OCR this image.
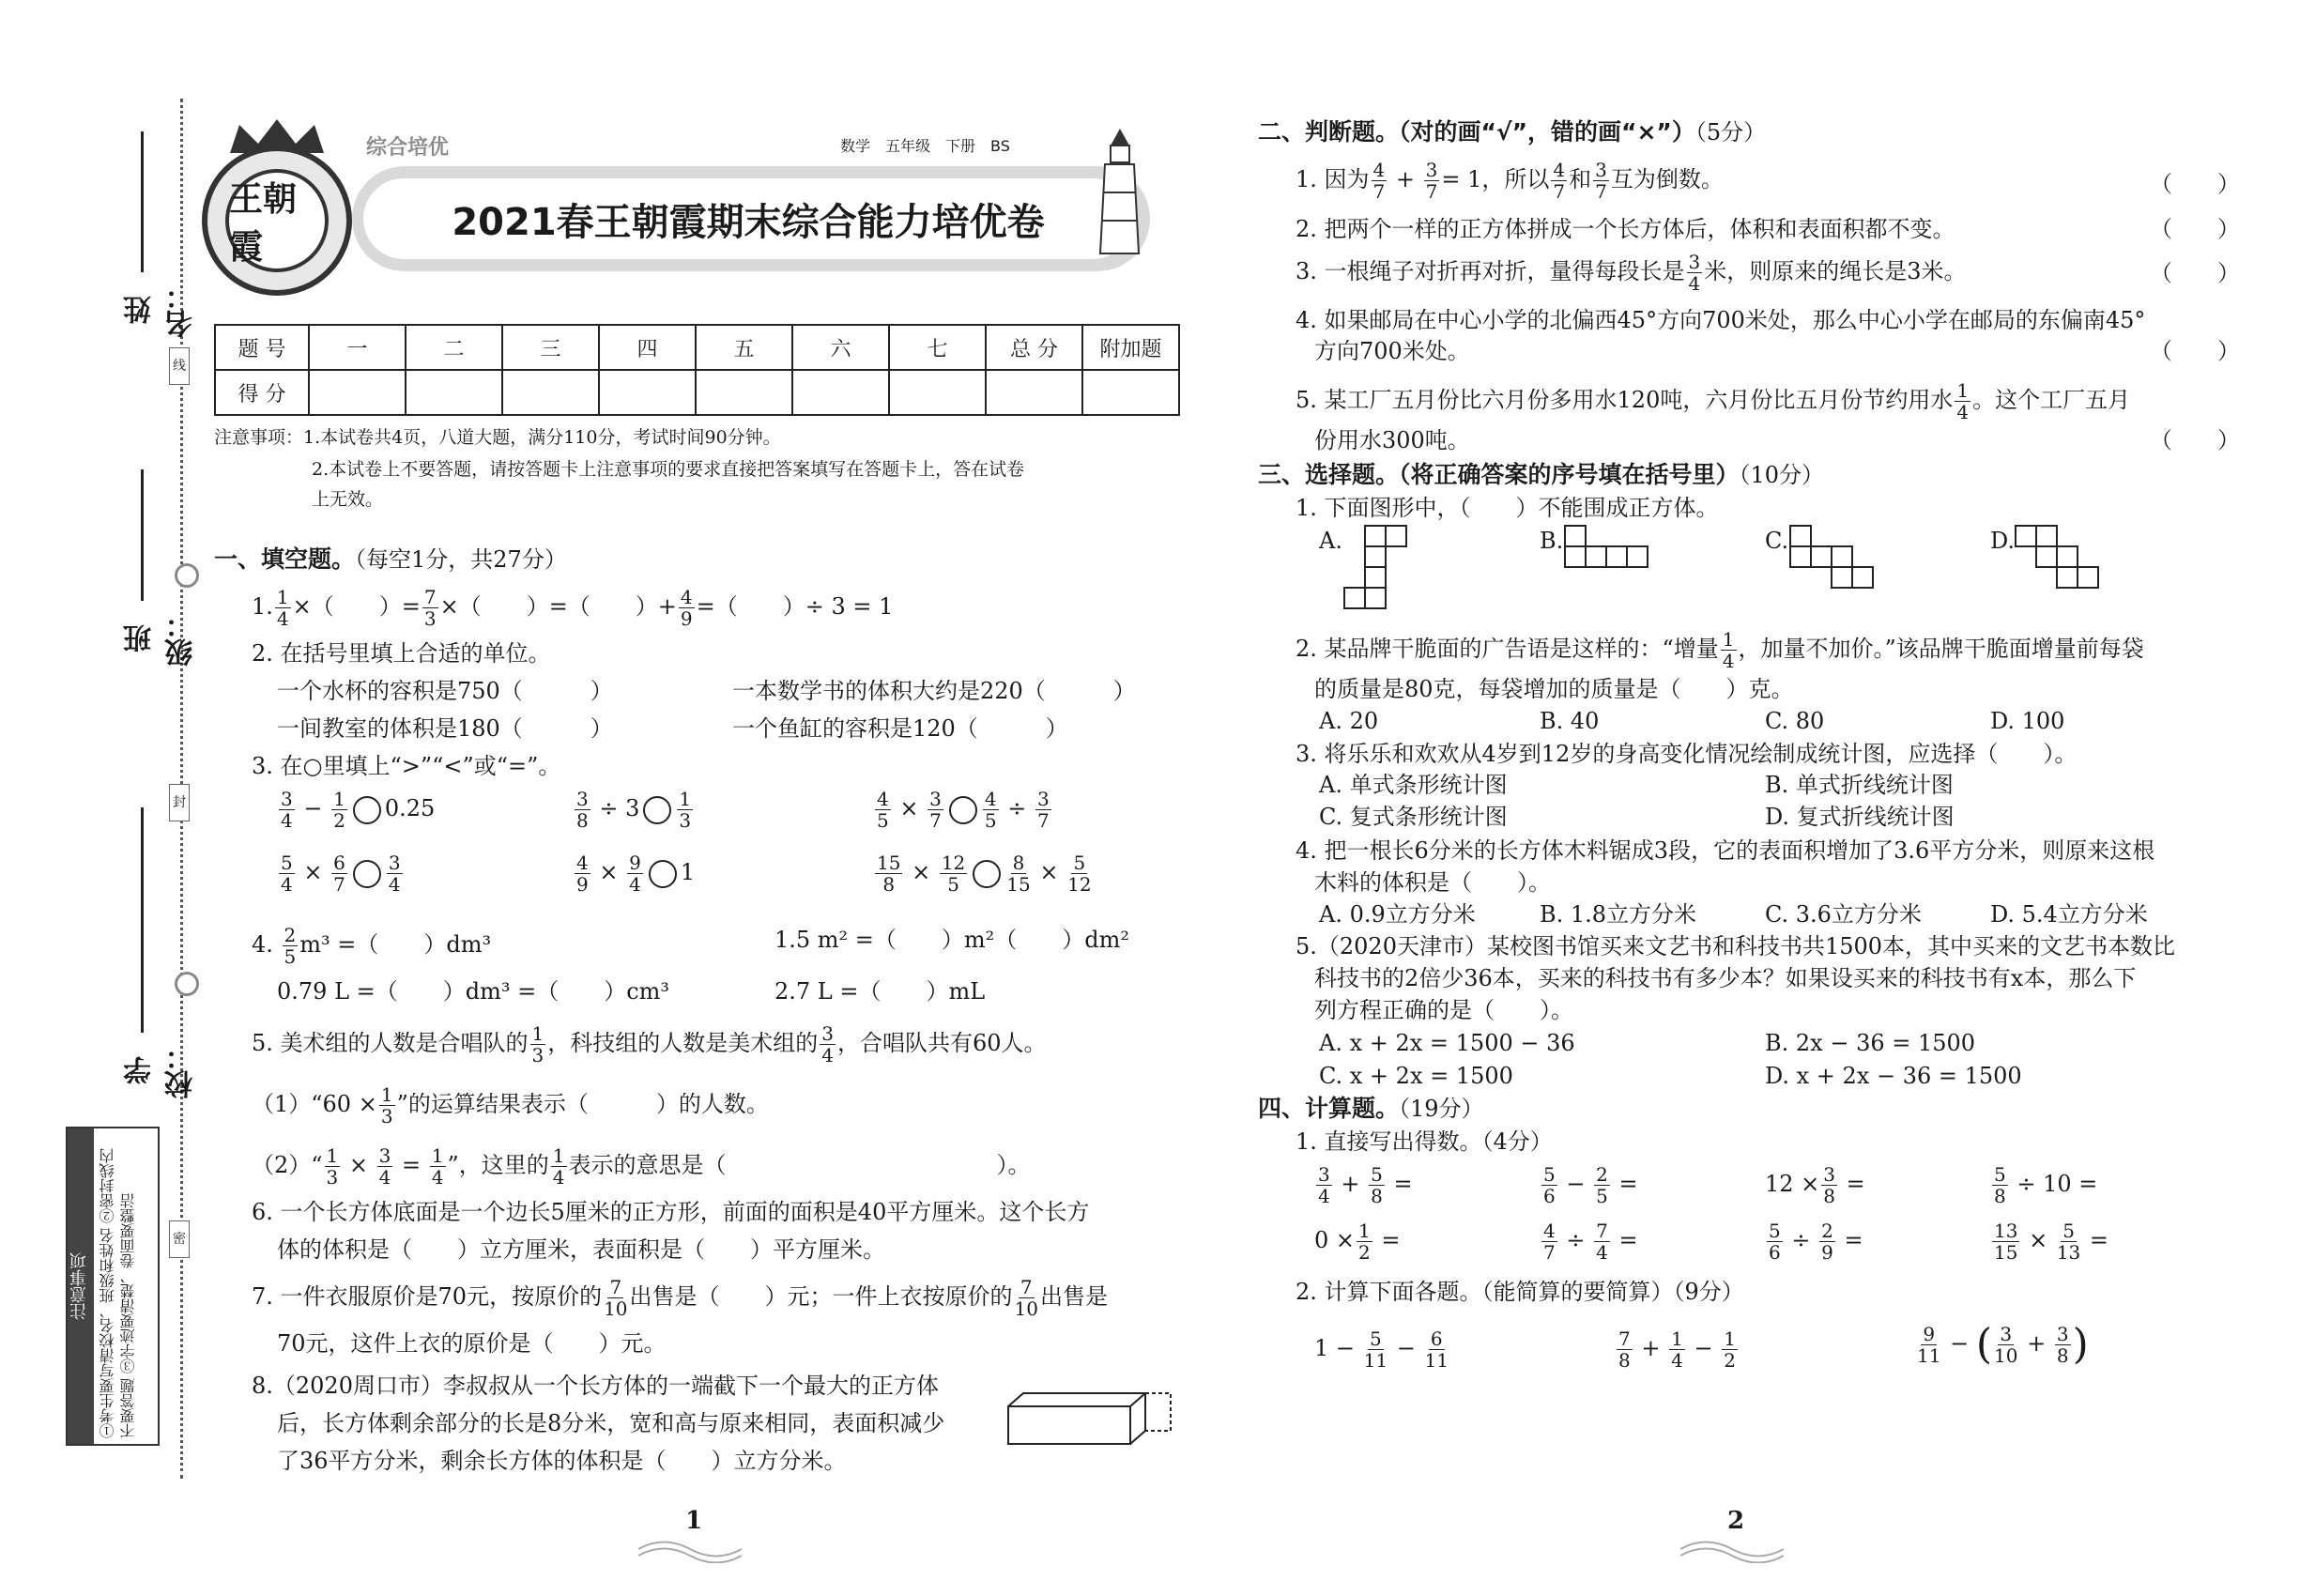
姓 名：
班 级：
学 校：
线
封
密
注意事项 ①考生要写清校名、班级和姓名 ②密封线内不要答题 ③字迹要清楚、卷面要整洁
王朝霞
综合培优	数学　五年级　下册　BS
2021春王朝霞期末综合能力培优卷
题 号	一	二	三	四	五	六	七	总 分	附加题
得 分									
注意事项：1.本试卷共4页，八道大题，满分110分，考试时间90分钟。
2.本试卷上不要答题，请按答题卡上注意事项的要求直接把答案填写在答题卡上，答在试卷
上无效。
一、填空题。（每空1分，共27分）
1. $\frac{1}{4}$ ×（　　）= $\frac{7}{3}$ ×（　　）=（　　）+ $\frac{4}{9}$ =（　　）÷ 3 = 1
2. 在括号里填上合适的单位。
一个水杯的容积是750（　　　）	一本数学书的体积大约是220（　　　）
一间教室的体积是180（　　　）	一个鱼缸的容积是120（　　　）
3. 在○里填上“>”“<”或“=”。
$\frac{3}{4} - \frac{1}{2} 0.25$	$\frac{3}{8} \div 3 \frac{1}{3}$	$\frac{4}{5} \times \frac{3}{7} \frac{4}{5} \div \frac{3}{7}$
$\frac{5}{4} \times \frac{6}{7} \frac{3}{4}$	$\frac{4}{9} \times \frac{9}{4} 1$	$\frac{15}{8} \times \frac{12}{5} \frac{8}{15} \times \frac{5}{12}$
4. $\frac{2}{5} m^3$ =（　　）dm³	1.5 m² =（　　）m²（　　）dm²
0.79 L =（　　）dm³ =（　　）cm³	2.7 L =（　　）mL
5. 美术组的人数是合唱队的 $\frac{1}{3}$ ，科技组的人数是美术组的 $\frac{3}{4}$ ，合唱队共有60人。
（1）“60 × $\frac{1}{3}$ ”的运算结果表示（　　　）的人数。
（2）“ $\frac{1}{3} \times \frac{3}{4} = \frac{1}{4}$ ”，这里的 $\frac{1}{4}$ 表示的意思是（　　　　　　　　　　　　）。
6. 一个长方体底面是一个边长5厘米的正方形，前面的面积是40平方厘米。这个长方
体的体积是（　　）立方厘米，表面积是（　　）平方厘米。
7. 一件衣服原价是70元，按原价的 $\frac{7}{10}$ 出售是（　　）元；一件上衣按原价的 $\frac{7}{10}$ 出售是
70元，这件上衣的原价是（　　）元。
8.（2020周口市）李叔叔从一个长方体的一端截下一个最大的正方体
后，长方体剩余部分的长是8分米，宽和高与原来相同，表面积减少
了36平方分米，剩余长方体的体积是（　　）立方分米。
1
二、判断题。（对的画“√”，错的画“×”）（5分）
1. 因为 $\frac{4}{7} + \frac{3}{7} = 1$，所以 $\frac{4}{7}$ 和 $\frac{3}{7}$ 互为倒数。	（　　）
2. 把两个一样的正方体拼成一个长方体后，体积和表面积都不变。	（　　）
3. 一根绳子对折再对折，量得每段长是 $\frac{3}{4}$ 米，则原来的绳长是3米。	（　　）
4. 如果邮局在中心小学的北偏西45°方向700米处，那么中心小学在邮局的东偏南45°
方向700米处。	（　　）
5. 某工厂五月份比六月份多用水120吨，六月份比五月份节约用水 $\frac{1}{4}$ 。这个工厂五月
份用水300吨。	（　　）
三、选择题。（将正确答案的序号填在括号里）（10分）
1. 下面图形中，（　　）不能围成正方体。
A.	B.	C.	D.
2. 某品牌干脆面的广告语是这样的：“增量 $\frac{1}{4}$ ，加量不加价。”该品牌干脆面增量前每袋
的质量是80克，每袋增加的质量是（　　）克。
A. 20	B. 40	C. 80	D. 100
3. 将乐乐和欢欢从4岁到12岁的身高变化情况绘制成统计图，应选择（　　）。
A. 单式条形统计图	B. 单式折线统计图
C. 复式条形统计图	D. 复式折线统计图
4. 把一根长6分米的长方体木料锯成3段，它的表面积增加了3.6平方分米，则原来这根
木料的体积是（　　）。
A. 0.9立方分米	B. 1.8立方分米	C. 3.6立方分米	D. 5.4立方分米
5.（2020天津市）某校图书馆买来文艺书和科技书共1500本，其中买来的文艺书本数比
科技书的2倍少36本，买来的科技书有多少本？如果设买来的科技书有x本，那么下
列方程正确的是（　　）。
A. x + 2x = 1500 − 36	B. 2x − 36 = 1500
C. x + 2x = 1500	D. x + 2x − 36 = 1500
四、计算题。（19分）
1. 直接写出得数。（4分）
$\frac{3}{4} + \frac{5}{8}$ =	$\frac{5}{6} - \frac{2}{5}$ =	$12 \times \frac{3}{8}$ =	$\frac{5}{8} \div 10$ =
$0 \times \frac{1}{2}$ =	$\frac{4}{7} \div \frac{7}{4}$ =	$\frac{5}{6} \div \frac{2}{9}$ =	$\frac{13}{15} \times \frac{5}{13}$ =
2. 计算下面各题。（能简算的要简算）（9分）
$1 - \frac{5}{11} - \frac{6}{11}$	$\frac{7}{8} + \frac{1}{4} - \frac{1}{2}$	$\frac{9}{11}$ − ( $\frac{3}{10} + \frac{3}{8}$ )
2
